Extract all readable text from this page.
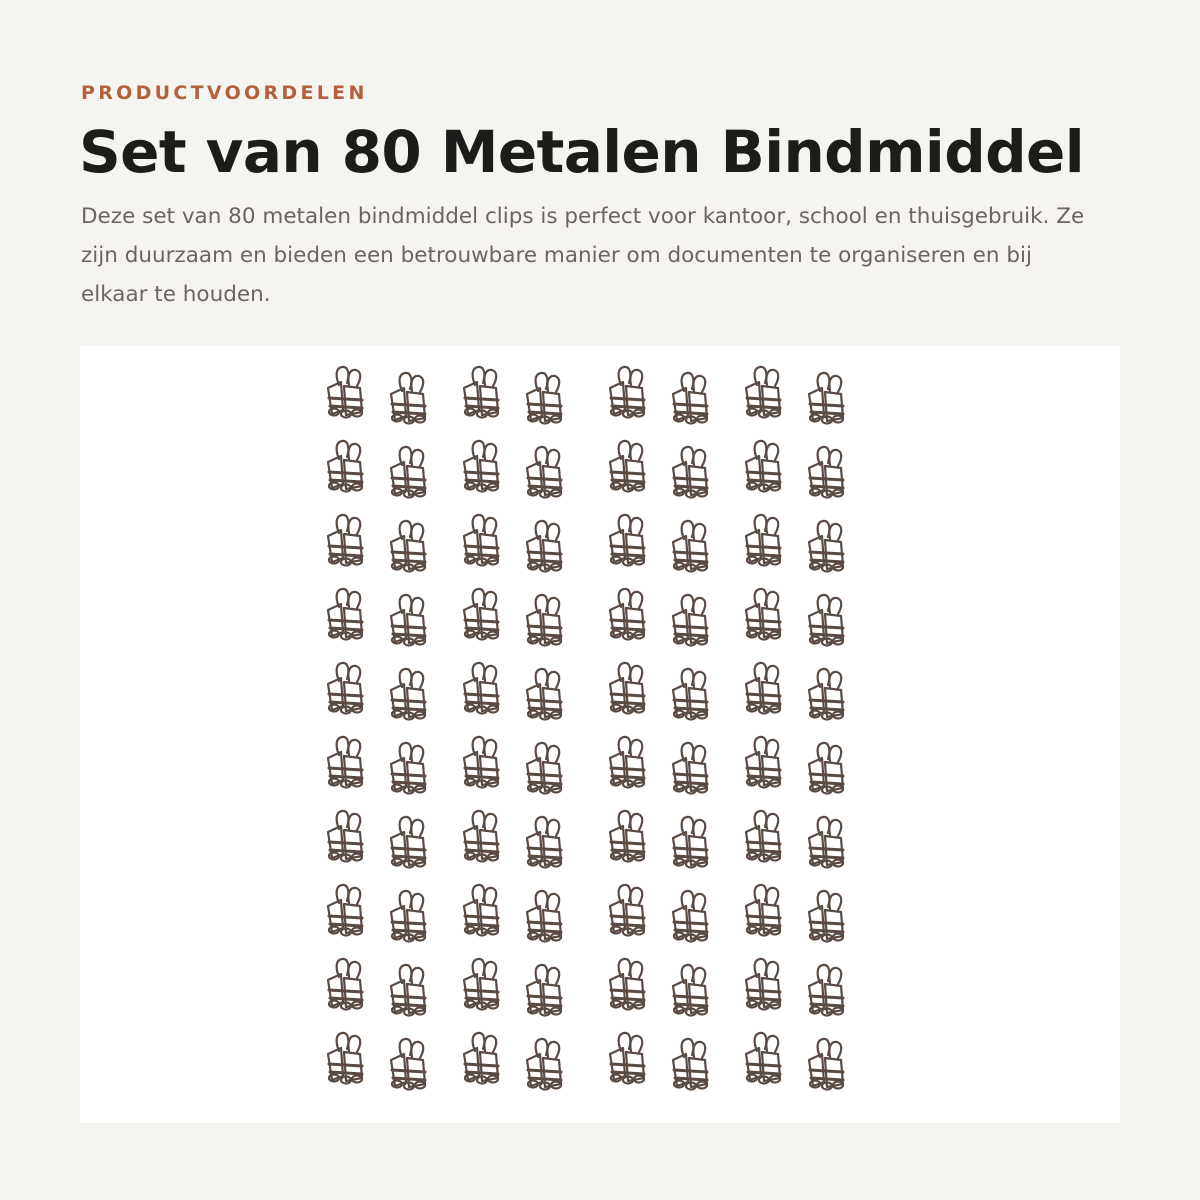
PRODUCTVOORDELEN
Set van 80 Metalen Bindmiddel

Deze set van 80 metalen bindmiddel clips is perfect voor kantoor, school en thuisgebruik. Ze zijn duurzaam en bieden een betrouwbare manier om documenten te organiseren en bij elkaar te houden.
